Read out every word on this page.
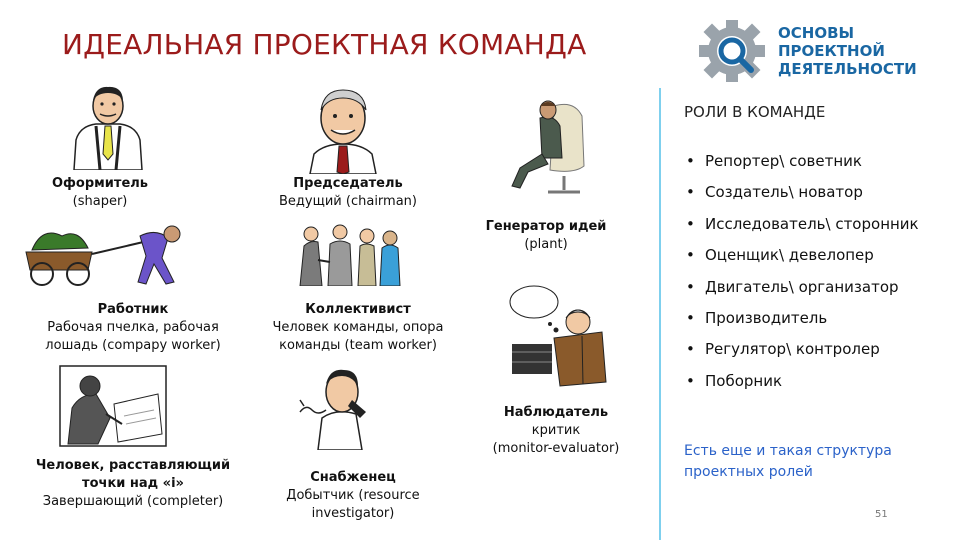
ИДЕАЛЬНАЯ ПРОЕКТНАЯ КОМАНДА	ОСНОВЫ
ПРОЕКТНОЙ
ДЕЯТЕЛЬНОСТИ
РОЛИ В КОМАНДЕ
• Репортер\ советник
• Создатель\ новатор
• Исследователь\ сторонник
• Оценщик\ девелопер
• Двигатель\ организатор
• Производитель
• Регулятор\ контролер
• Поборник
Есть еще и такая структура проектных ролей
51
Оформитель
(shaper)
Председатель
Ведущий (chairman)
Генератор идей
(plant)
Работник
Рабочая пчелка, рабочая
лошадь (compapy worker)
Коллективист
Человек команды, опора
команды (team worker)
Наблюдатель
критик
(monitor-evaluator)
Человек, расставляющий
точки над «i»
Завершающий (completer)
Снабженец
Добытчик (resource
investigator)
